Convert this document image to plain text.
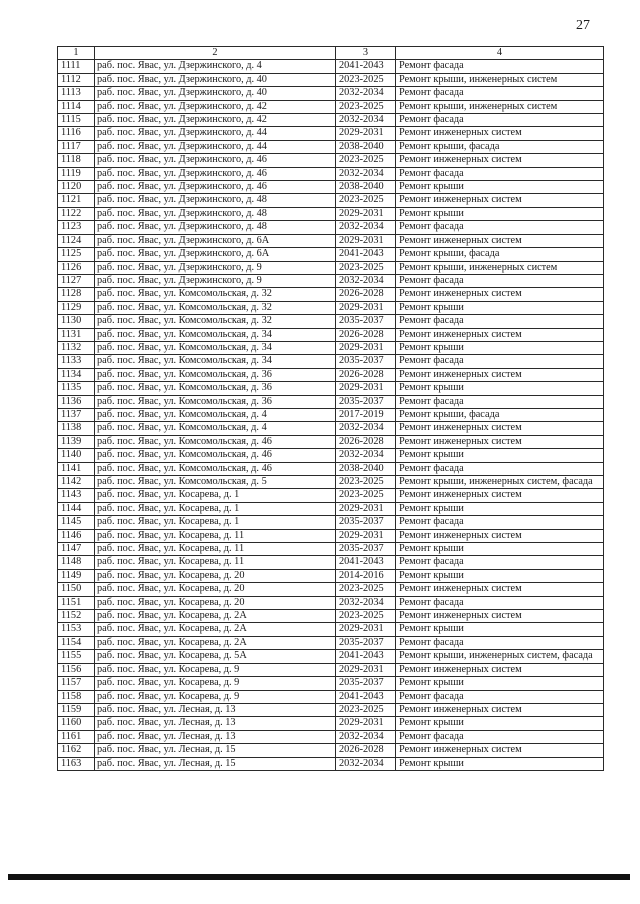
27
1	2	3	4
1111	раб. пос. Явас, ул. Дзержинского, д. 4	2041-2043	Ремонт фасада
1112	раб. пос. Явас, ул. Дзержинского, д. 40	2023-2025	Ремонт крыши, инженерных систем
1113	раб. пос. Явас, ул. Дзержинского, д. 40	2032-2034	Ремонт фасада
1114	раб. пос. Явас, ул. Дзержинского, д. 42	2023-2025	Ремонт крыши, инженерных систем
1115	раб. пос. Явас, ул. Дзержинского, д. 42	2032-2034	Ремонт фасада
1116	раб. пос. Явас, ул. Дзержинского, д. 44	2029-2031	Ремонт инженерных систем
1117	раб. пос. Явас, ул. Дзержинского, д. 44	2038-2040	Ремонт крыши, фасада
1118	раб. пос. Явас, ул. Дзержинского, д. 46	2023-2025	Ремонт инженерных систем
1119	раб. пос. Явас, ул. Дзержинского, д. 46	2032-2034	Ремонт фасада
1120	раб. пос. Явас, ул. Дзержинского, д. 46	2038-2040	Ремонт крыши
1121	раб. пос. Явас, ул. Дзержинского, д. 48	2023-2025	Ремонт инженерных систем
1122	раб. пос. Явас, ул. Дзержинского, д. 48	2029-2031	Ремонт крыши
1123	раб. пос. Явас, ул. Дзержинского, д. 48	2032-2034	Ремонт фасада
1124	раб. пос. Явас, ул. Дзержинского, д. 6А	2029-2031	Ремонт инженерных систем
1125	раб. пос. Явас, ул. Дзержинского, д. 6А	2041-2043	Ремонт крыши, фасада
1126	раб. пос. Явас, ул. Дзержинского, д. 9	2023-2025	Ремонт крыши, инженерных систем
1127	раб. пос. Явас, ул. Дзержинского, д. 9	2032-2034	Ремонт фасада
1128	раб. пос. Явас, ул. Комсомольская, д. 32	2026-2028	Ремонт инженерных систем
1129	раб. пос. Явас, ул. Комсомольская, д. 32	2029-2031	Ремонт крыши
1130	раб. пос. Явас, ул. Комсомольская, д. 32	2035-2037	Ремонт фасада
1131	раб. пос. Явас, ул. Комсомольская, д. 34	2026-2028	Ремонт инженерных систем
1132	раб. пос. Явас, ул. Комсомольская, д. 34	2029-2031	Ремонт крыши
1133	раб. пос. Явас, ул. Комсомольская, д. 34	2035-2037	Ремонт фасада
1134	раб. пос. Явас, ул. Комсомольская, д. 36	2026-2028	Ремонт инженерных систем
1135	раб. пос. Явас, ул. Комсомольская, д. 36	2029-2031	Ремонт крыши
1136	раб. пос. Явас, ул. Комсомольская, д. 36	2035-2037	Ремонт фасада
1137	раб. пос. Явас, ул. Комсомольская, д. 4	2017-2019	Ремонт крыши, фасада
1138	раб. пос. Явас, ул. Комсомольская, д. 4	2032-2034	Ремонт инженерных систем
1139	раб. пос. Явас, ул. Комсомольская, д. 46	2026-2028	Ремонт инженерных систем
1140	раб. пос. Явас, ул. Комсомольская, д. 46	2032-2034	Ремонт крыши
1141	раб. пос. Явас, ул. Комсомольская, д. 46	2038-2040	Ремонт фасада
1142	раб. пос. Явас, ул. Комсомольская, д. 5	2023-2025	Ремонт крыши, инженерных систем, фасада
1143	раб. пос. Явас, ул. Косарева, д. 1	2023-2025	Ремонт инженерных систем
1144	раб. пос. Явас, ул. Косарева, д. 1	2029-2031	Ремонт крыши
1145	раб. пос. Явас, ул. Косарева, д. 1	2035-2037	Ремонт фасада
1146	раб. пос. Явас, ул. Косарева, д. 11	2029-2031	Ремонт инженерных систем
1147	раб. пос. Явас, ул. Косарева, д. 11	2035-2037	Ремонт крыши
1148	раб. пос. Явас, ул. Косарева, д. 11	2041-2043	Ремонт фасада
1149	раб. пос. Явас, ул. Косарева, д. 20	2014-2016	Ремонт крыши
1150	раб. пос. Явас, ул. Косарева, д. 20	2023-2025	Ремонт инженерных систем
1151	раб. пос. Явас, ул. Косарева, д. 20	2032-2034	Ремонт фасада
1152	раб. пос. Явас, ул. Косарева, д. 2А	2023-2025	Ремонт инженерных систем
1153	раб. пос. Явас, ул. Косарева, д. 2А	2029-2031	Ремонт крыши
1154	раб. пос. Явас, ул. Косарева, д. 2А	2035-2037	Ремонт фасада
1155	раб. пос. Явас, ул. Косарева, д. 5А	2041-2043	Ремонт крыши, инженерных систем, фасада
1156	раб. пос. Явас, ул. Косарева, д. 9	2029-2031	Ремонт инженерных систем
1157	раб. пос. Явас, ул. Косарева, д. 9	2035-2037	Ремонт крыши
1158	раб. пос. Явас, ул. Косарева, д. 9	2041-2043	Ремонт фасада
1159	раб. пос. Явас, ул. Лесная, д. 13	2023-2025	Ремонт инженерных систем
1160	раб. пос. Явас, ул. Лесная, д. 13	2029-2031	Ремонт крыши
1161	раб. пос. Явас, ул. Лесная, д. 13	2032-2034	Ремонт фасада
1162	раб. пос. Явас, ул. Лесная, д. 15	2026-2028	Ремонт инженерных систем
1163	раб. пос. Явас, ул. Лесная, д. 15	2032-2034	Ремонт крыши
